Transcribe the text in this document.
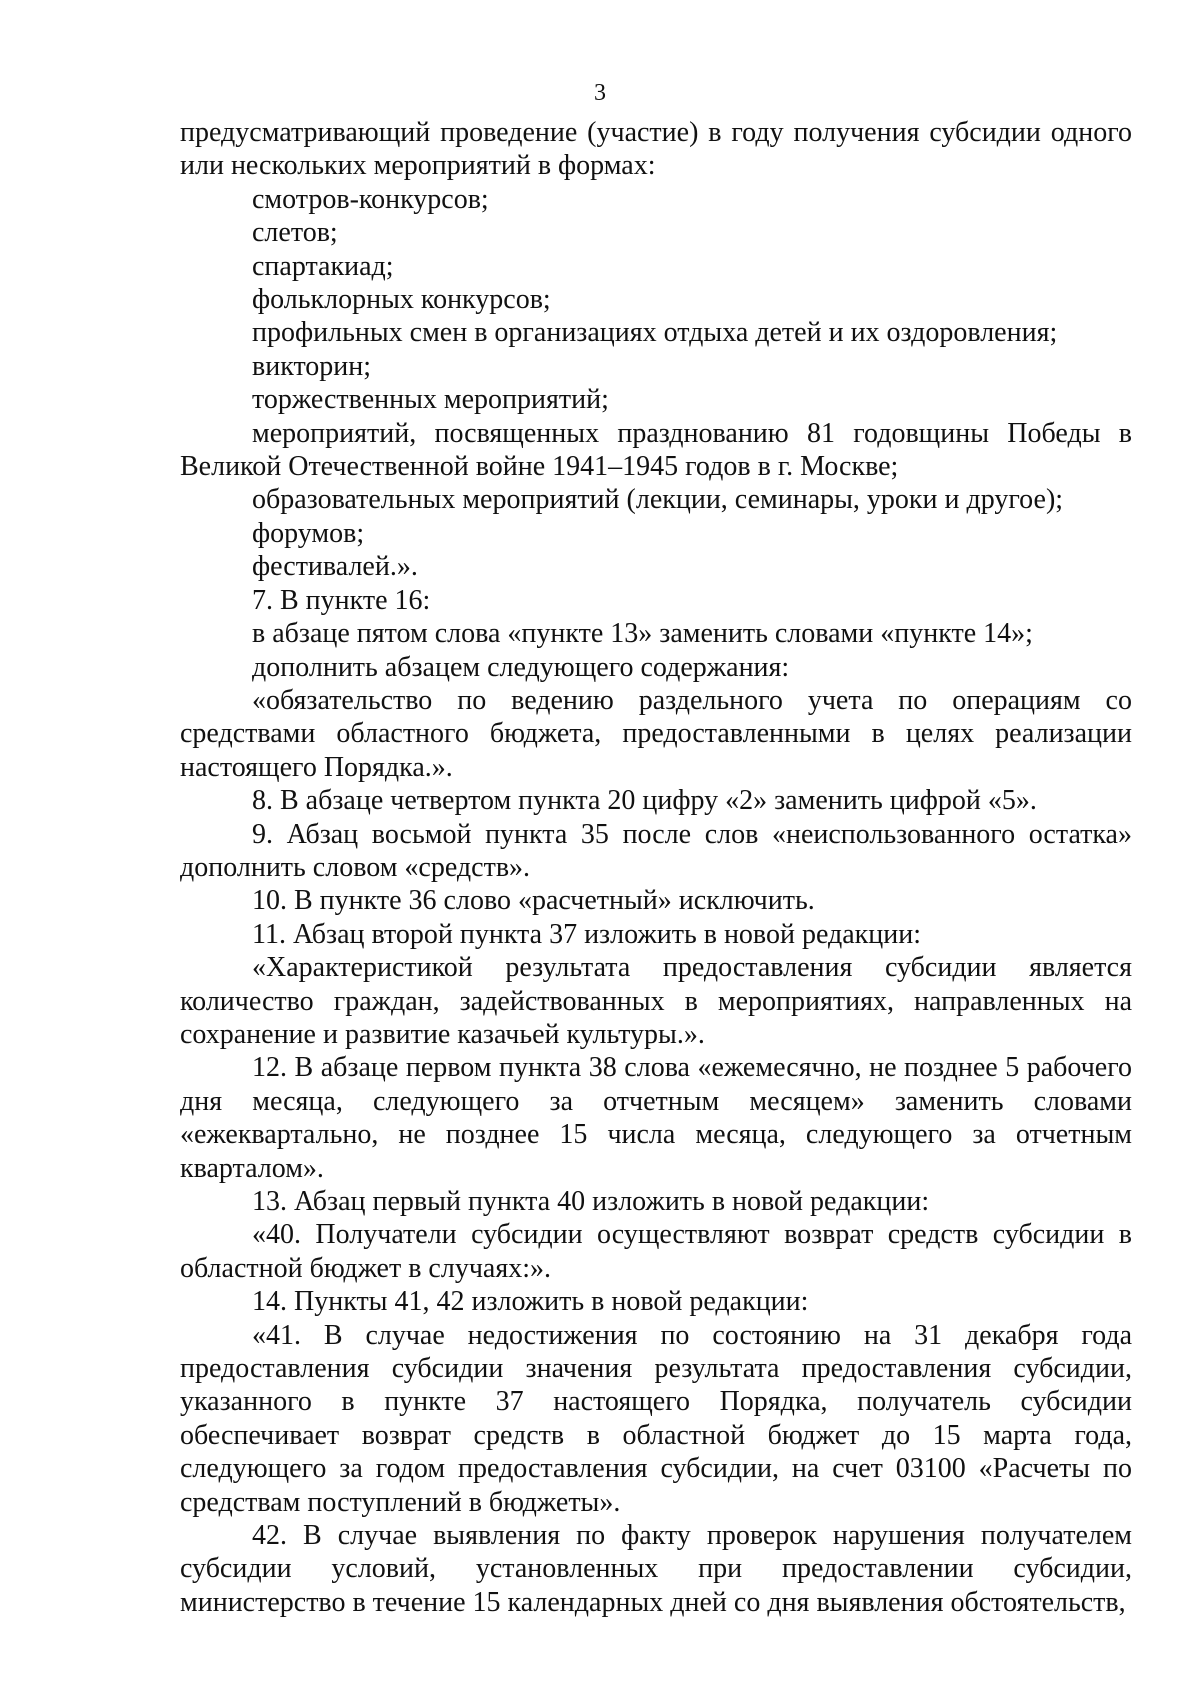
3

предусматривающий проведение (участие) в году получения субсидии одного или нескольких мероприятий в формах:

смотров-конкурсов;

слетов;

спартакиад;

фольклорных конкурсов;

профильных смен в организациях отдыха детей и их оздоровления;

викторин;

торжественных мероприятий;

мероприятий, посвященных празднованию 81 годовщины Победы в Великой Отечественной войне 1941–1945 годов в г. Москве;

образовательных мероприятий (лекции, семинары, уроки и другое);

форумов;

фестивалей.».

7. В пункте 16:

в абзаце пятом слова «пункте 13» заменить словами «пункте 14»;

дополнить абзацем следующего содержания:

«обязательство по ведению раздельного учета по операциям со средствами областного бюджета, предоставленными в целях реализации настоящего Порядка.».

8. В абзаце четвертом пункта 20 цифру «2» заменить цифрой «5».

9. Абзац восьмой пункта 35 после слов «неиспользованного остатка» дополнить словом «средств».

10. В пункте 36 слово «расчетный» исключить.

11. Абзац второй пункта 37 изложить в новой редакции:

«Характеристикой результата предоставления субсидии является количество граждан, задействованных в мероприятиях, направленных на сохранение и развитие казачьей культуры.».

12. В абзаце первом пункта 38 слова «ежемесячно, не позднее 5 рабочего дня месяца, следующего за отчетным месяцем» заменить словами «ежеквартально, не позднее 15 числа месяца, следующего за отчетным кварталом».

13. Абзац первый пункта 40 изложить в новой редакции:

«40. Получатели субсидии осуществляют возврат средств субсидии в областной бюджет в случаях:».

14. Пункты 41, 42 изложить в новой редакции:

«41. В случае недостижения по состоянию на 31 декабря года предоставления субсидии значения результата предоставления субсидии, указанного в пункте 37 настоящего Порядка, получатель субсидии обеспечивает возврат средств в областной бюджет до 15 марта года, следующего за годом предоставления субсидии, на счет 03100 «Расчеты по средствам поступлений в бюджеты».

42. В случае выявления по факту проверок нарушения получателем субсидии условий, установленных при предоставлении субсидии, министерство в течение 15 календарных дней со дня выявления обстоятельств,
